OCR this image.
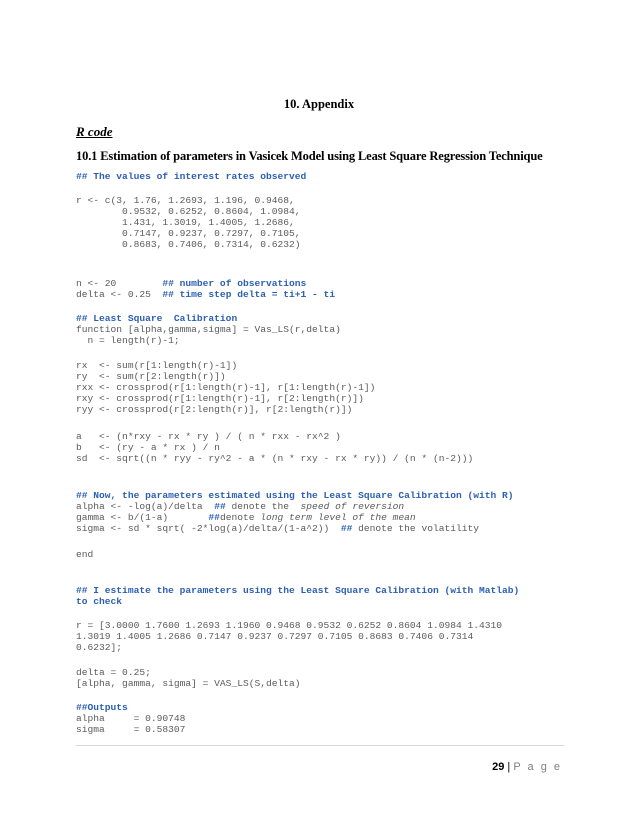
10. Appendix
R code
10.1 Estimation of parameters in Vasicek Model using Least Square Regression Technique
## The values of interest rates observed
r <- c(3, 1.76, 1.2693, 1.196, 0.9468,
0.9532, 0.6252, 0.8604, 1.0984,
1.431, 1.3019, 1.4005, 1.2686,
0.7147, 0.9237, 0.7297, 0.7105,
0.8683, 0.7406, 0.7314, 0.6232)
n <- 20        ## number of observations
delta <- 0.25  ## time step delta = ti+1 - ti
## Least Square  Calibration
function [alpha,gamma,sigma] = Vas_LS(r,delta)
n = length(r)-1;
rx  <- sum(r[1:length(r)-1])
ry  <- sum(r[2:length(r)])
rxx <- crossprod(r[1:length(r)-1], r[1:length(r)-1])
rxy <- crossprod(r[1:length(r)-1], r[2:length(r)])
ryy <- crossprod(r[2:length(r)], r[2:length(r)])
a   <- (n*rxy - rx * ry ) / ( n * rxx - rx^2 )
b   <- (ry - a * rx ) / n
sd  <- sqrt((n * ryy - ry^2 - a * (n * rxy - rx * ry)) / (n * (n-2)))
## Now, the parameters estimated using the Least Square Calibration (with R)
alpha <- -log(a)/delta  ## denote the  speed of reversion
gamma <- b/(1-a)       ##denote long term level of the mean
sigma <- sd * sqrt( -2*log(a)/delta/(1-a^2))  ## denote the volatility
end
## I estimate the parameters using the Least Square Calibration (with Matlab)
to check
r = [3.0000 1.7600 1.2693 1.1960 0.9468 0.9532 0.6252 0.8604 1.0984 1.4310
1.3019 1.4005 1.2686 0.7147 0.9237 0.7297 0.7105 0.8683 0.7406 0.7314
0.6232];
delta = 0.25;
[alpha, gamma, sigma] = VAS_LS(S,delta)
##Outputs
alpha     = 0.90748
sigma     = 0.58307
29 | P a g e
